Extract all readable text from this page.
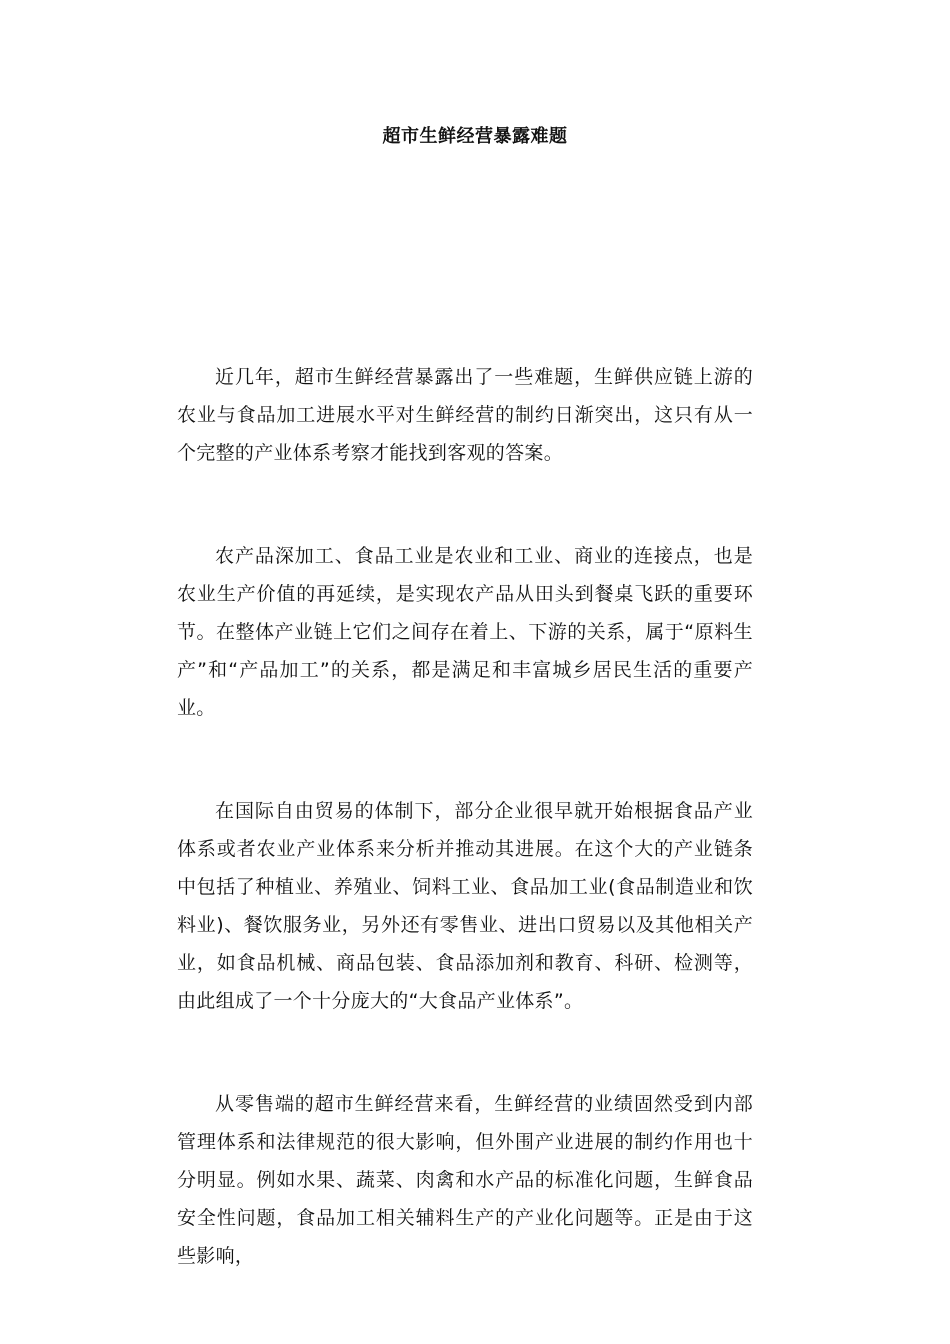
超市生鲜经营暴露难题

近几年，超市生鲜经营暴露出了一些难题，生鲜供应链上游的农业与食品加工进展水平对生鲜经营的制约日渐突出，这只有从一个完整的产业体系考察才能找到客观的答案。

农产品深加工、食品工业是农业和工业、商业的连接点，也是农业生产价值的再延续，是实现农产品从田头到餐桌飞跃的重要环节。在整体产业链上它们之间存在着上、下游的关系，属于“原料生产”和“产品加工”的关系，都是满足和丰富城乡居民生活的重要产业。

在国际自由贸易的体制下，部分企业很早就开始根据食品产业体系或者农业产业体系来分析并推动其进展。在这个大的产业链条中包括了种植业、养殖业、饲料工业、食品加工业(食品制造业和饮料业)、餐饮服务业，另外还有零售业、进出口贸易以及其他相关产业，如食品机械、商品包装、食品添加剂和教育、科研、检测等，由此组成了一个十分庞大的“大食品产业体系”。

从零售端的超市生鲜经营来看，生鲜经营的业绩固然受到内部管理体系和法律规范的很大影响，但外围产业进展的制约作用也十分明显。例如水果、蔬菜、肉禽和水产品的标准化问题，生鲜食品安全性问题，食品加工相关辅料生产的产业化问题等。正是由于这些影响，
